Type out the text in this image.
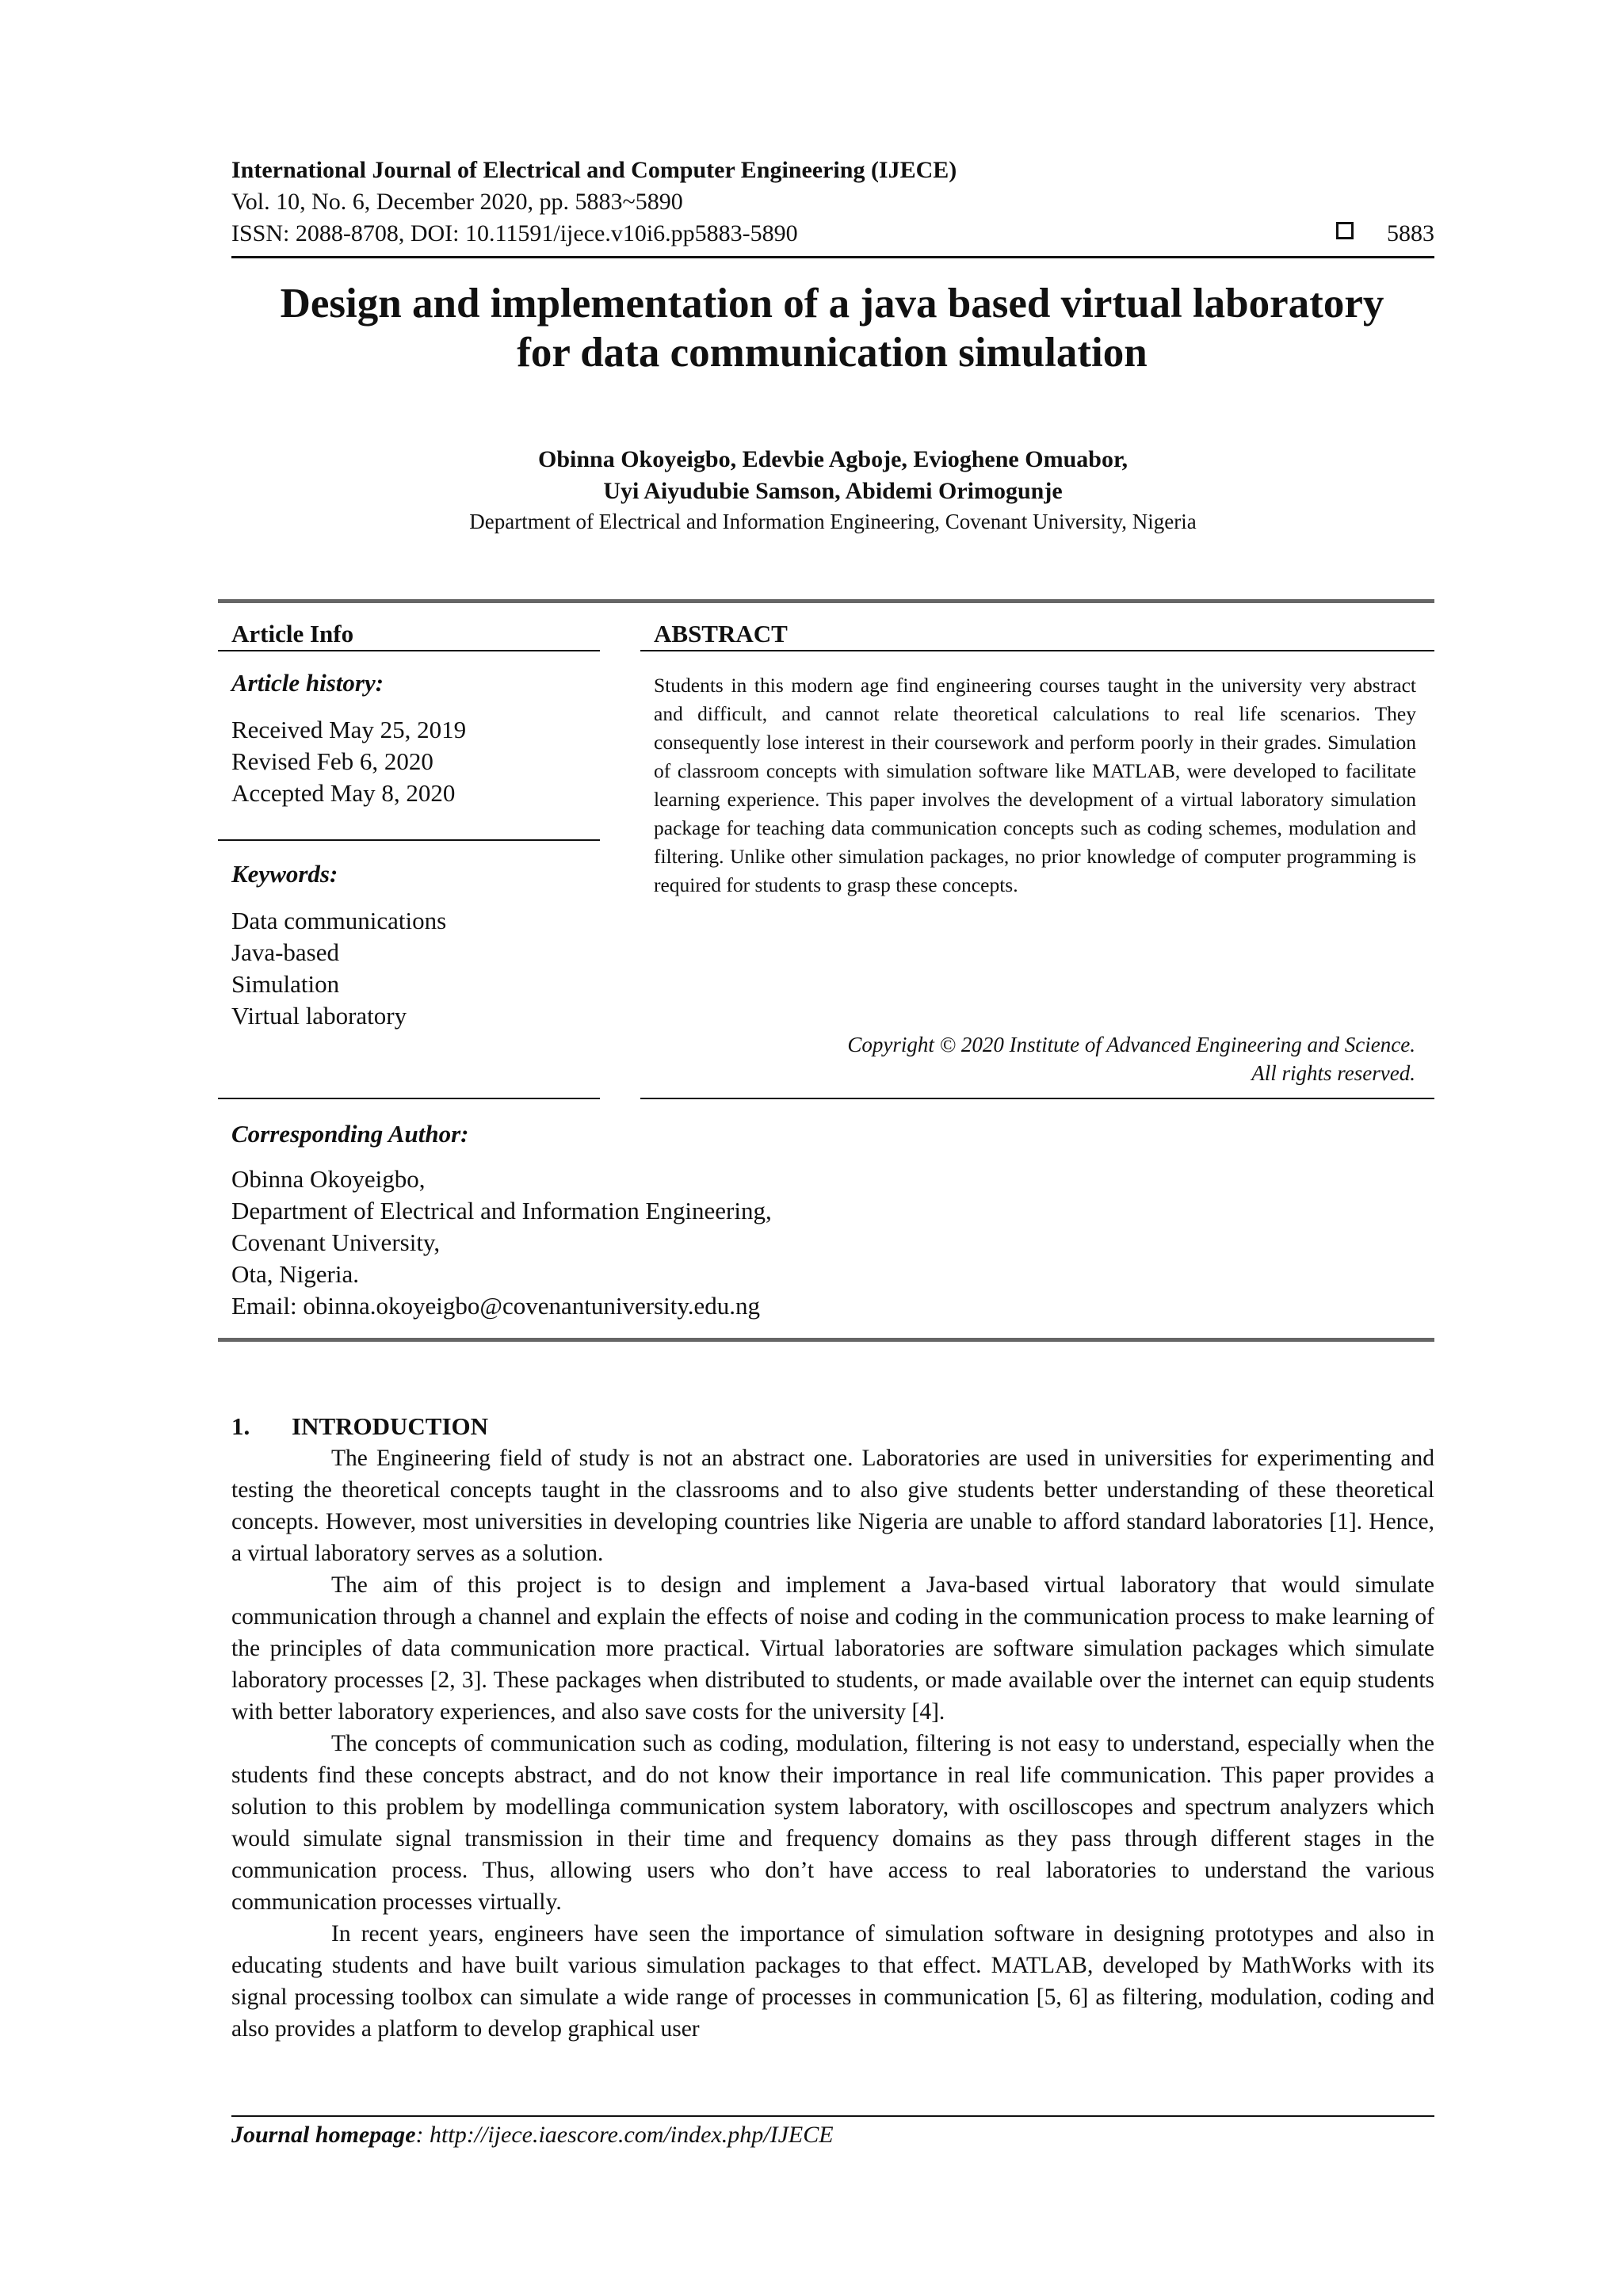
International Journal of Electrical and Computer Engineering (IJECE)
Vol. 10, No. 6, December 2020, pp. 5883~5890
ISSN: 2088-8708, DOI: 10.11591/ijece.v10i6.pp5883-5890	5883
Design and implementation of a java based virtual laboratory
for data communication simulation
Obinna Okoyeigbo, Edevbie Agboje, Evioghene Omuabor,
Uyi Aiyudubie Samson, Abidemi Orimogunje
Department of Electrical and Information Engineering, Covenant University, Nigeria
Article Info
Article history:
Received May 25, 2019
Revised Feb 6, 2020
Accepted May 8, 2020
Keywords:
Data communications
Java-based
Simulation
Virtual laboratory
ABSTRACT
Students in this modern age find engineering courses taught in the university very abstract and difficult, and cannot relate theoretical calculations to real life scenarios. They consequently lose interest in their coursework and perform poorly in their grades. Simulation of classroom concepts with simulation software like MATLAB, were developed to facilitate learning experience. This paper involves the development of a virtual laboratory simulation package for teaching data communication concepts such as coding schemes, modulation and filtering. Unlike other simulation packages, no prior knowledge of computer programming is required for students to grasp these concepts.
Copyright © 2020 Institute of Advanced Engineering and Science.
All rights reserved.
Corresponding Author:
Obinna Okoyeigbo,
Department of Electrical and Information Engineering,
Covenant University,
Ota, Nigeria.
Email: obinna.okoyeigbo@covenantuniversity.edu.ng
1. INTRODUCTION

The Engineering field of study is not an abstract one. Laboratories are used in universities for experimenting and testing the theoretical concepts taught in the classrooms and to also give students better understanding of these theoretical concepts. However, most universities in developing countries like Nigeria are unable to afford standard laboratories [1]. Hence, a virtual laboratory serves as a solution.

The aim of this project is to design and implement a Java-based virtual laboratory that would simulate communication through a channel and explain the effects of noise and coding in the communication process to make learning of the principles of data communication more practical. Virtual laboratories are software simulation packages which simulate laboratory processes [2, 3]. These packages when distributed to students, or made available over the internet can equip students with better laboratory experiences, and also save costs for the university [4].

The concepts of communication such as coding, modulation, filtering is not easy to understand, especially when the students find these concepts abstract, and do not know their importance in real life communication. This paper provides a solution to this problem by modellinga communication system laboratory, with oscilloscopes and spectrum analyzers which would simulate signal transmission in their time and frequency domains as they pass through different stages in the communication process. Thus, allowing users who don’t have access to real laboratories to understand the various communication processes virtually.

In recent years, engineers have seen the importance of simulation software in designing prototypes and also in educating students and have built various simulation packages to that effect. MATLAB, developed by MathWorks with its signal processing toolbox can simulate a wide range of processes in communication [5, 6] as filtering, modulation, coding and also provides a platform to develop graphical user

Journal homepage: http://ijece.iaescore.com/index.php/IJECE
